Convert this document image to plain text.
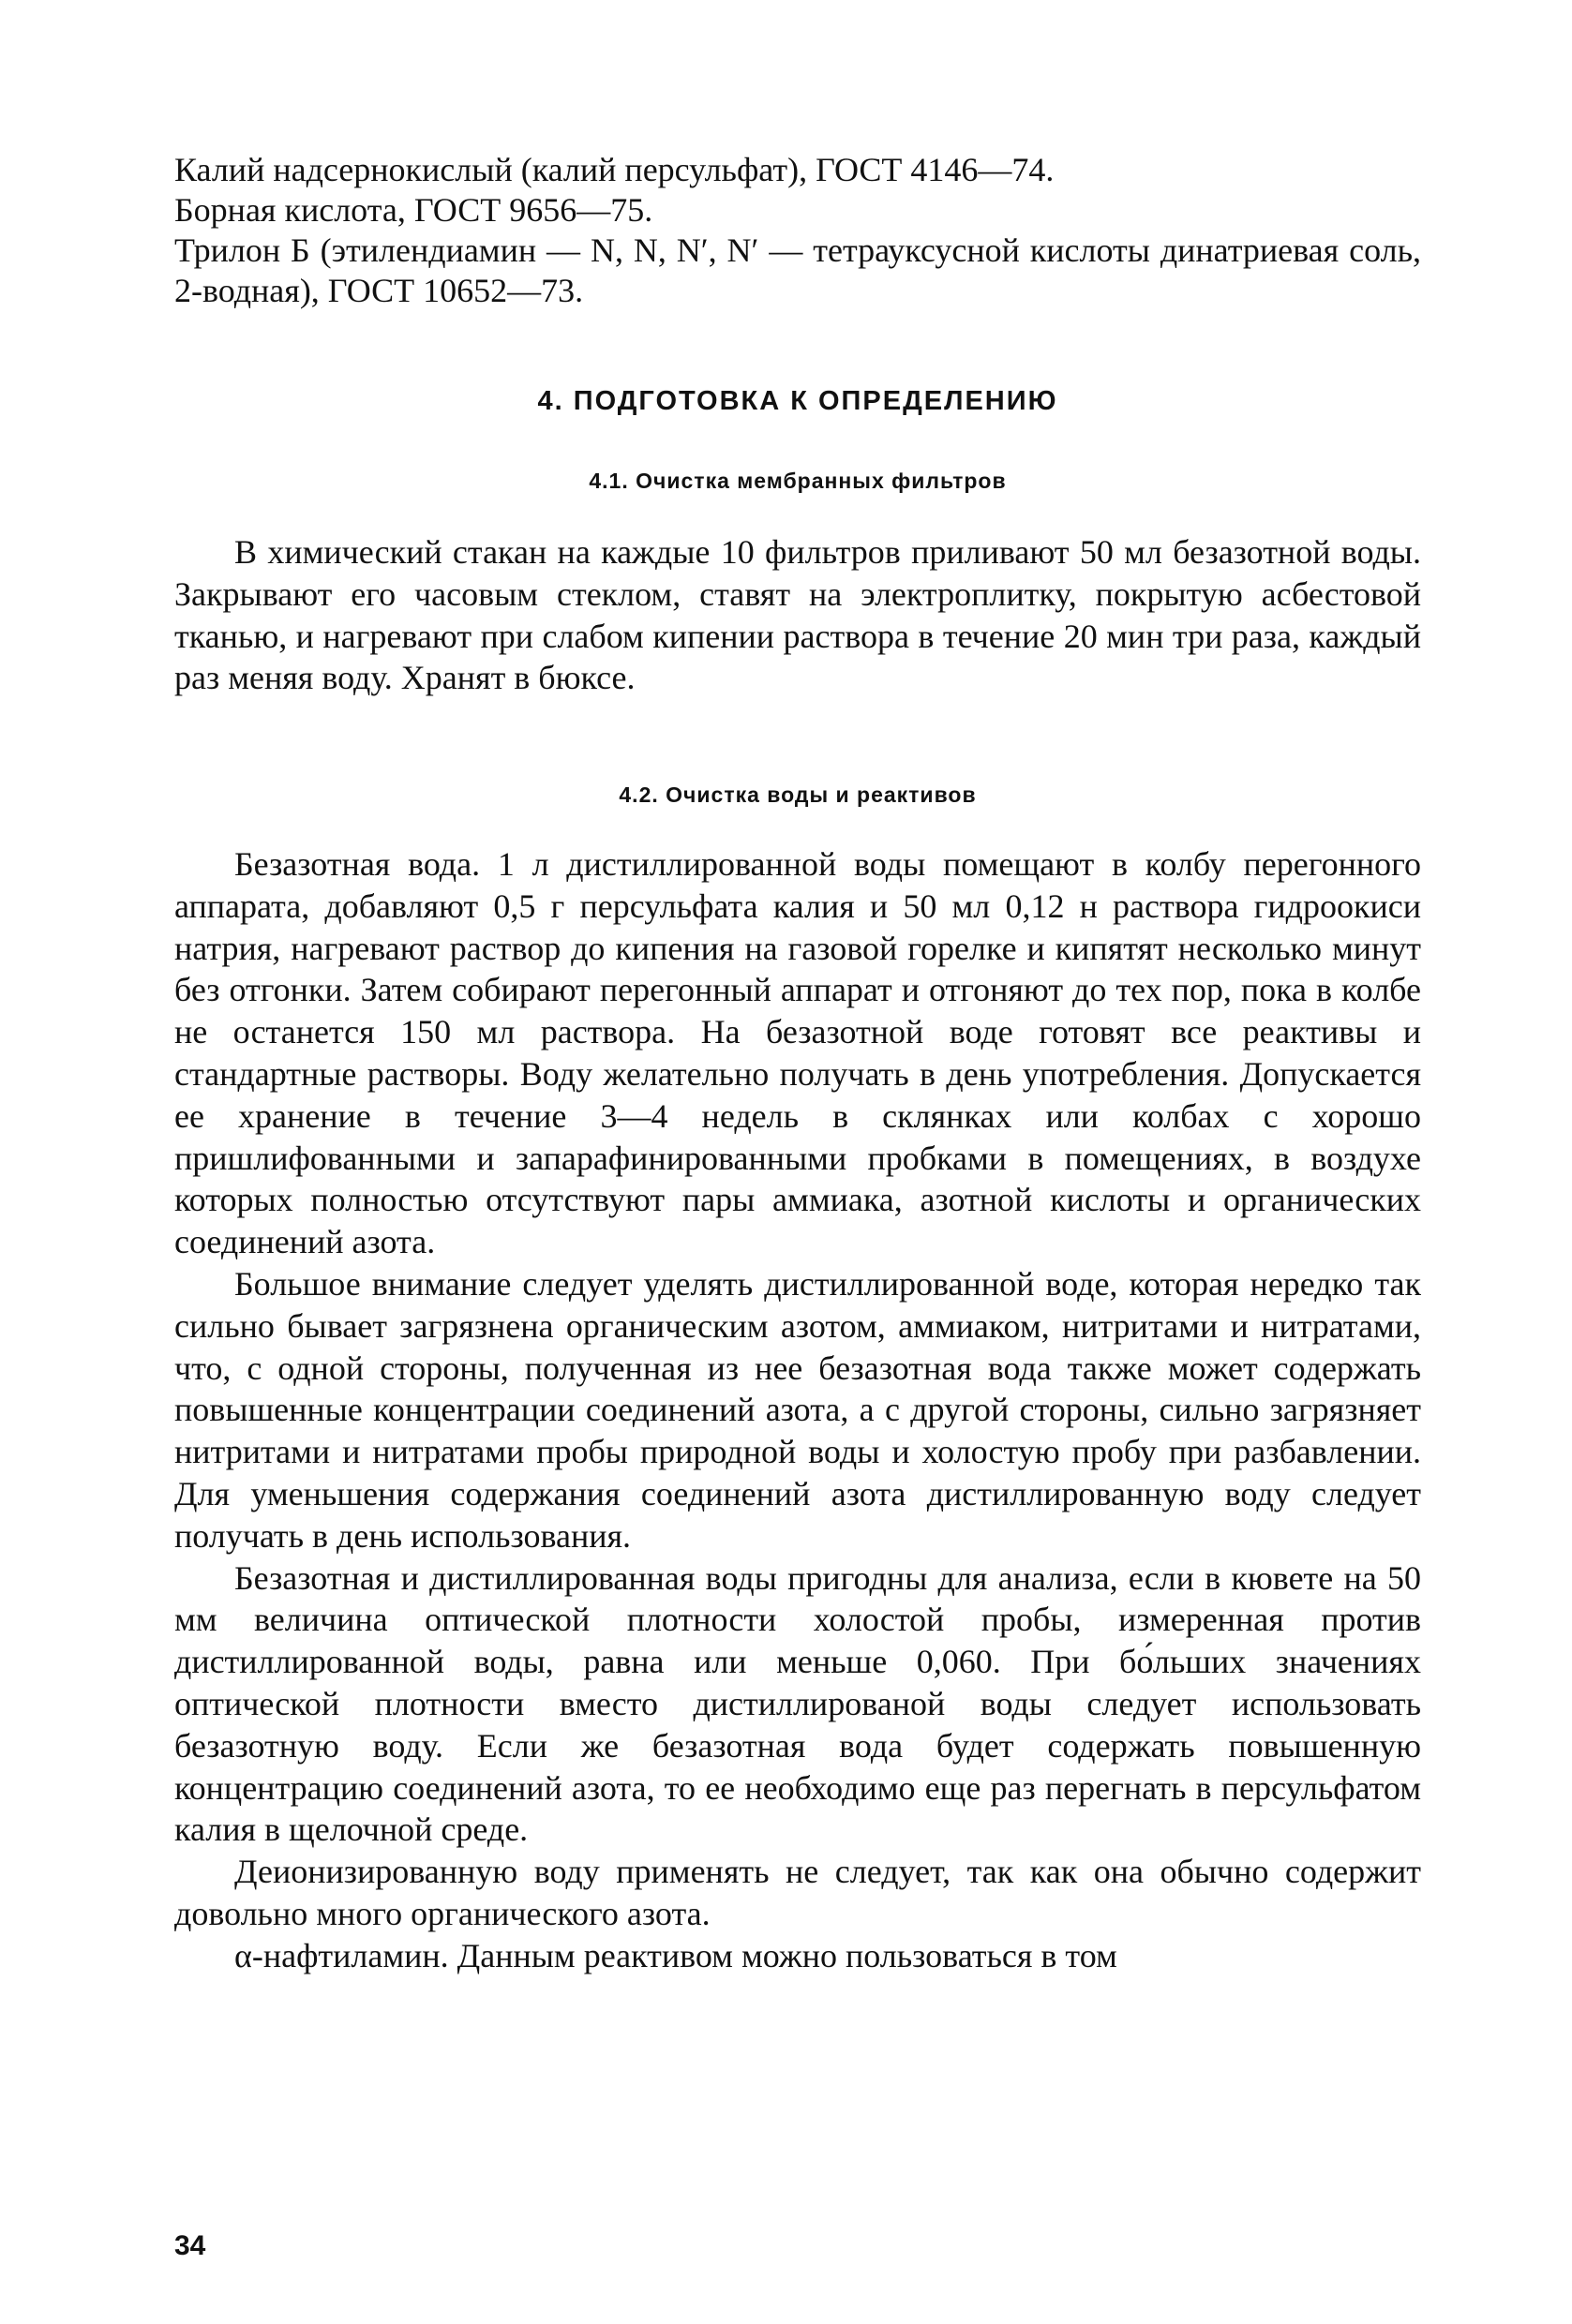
Калий надсернокислый (калий персульфат), ГОСТ 4146—74.

Борная кислота, ГОСТ 9656—75.

Трилон Б (этилендиамин — N, N, N′, N′ — тетрауксусной кислоты динатриевая соль, 2-водная), ГОСТ 10652—73.

4. ПОДГОТОВКА К ОПРЕДЕЛЕНИЮ
4.1. Очистка мембранных фильтров

В химический стакан на каждые 10 фильтров приливают 50 мл безазотной воды. Закрывают его часовым стеклом, ставят на электроплитку, покрытую асбестовой тканью, и нагревают при слабом кипении раствора в течение 20 мин три раза, каждый раз меняя воду. Хранят в бюксе.

4.2. Очистка воды и реактивов

Безазотная вода. 1 л дистиллированной воды помещают в колбу перегонного аппарата, добавляют 0,5 г персульфата калия и 50 мл 0,12 н раствора гидроокиси натрия, нагревают раствор до кипения на газовой горелке и кипятят несколько минут без отгонки. Затем собирают перегонный аппарат и отгоняют до тех пор, пока в колбе не останется 150 мл раствора. На безазотной воде готовят все реактивы и стандартные растворы. Воду желательно получать в день употребления. Допускается ее хранение в течение 3—4 недель в склянках или колбах с хорошо пришлифованными и запарафинированными пробками в помещениях, в воздухе которых полностью отсутствуют пары аммиака, азотной кислоты и органических соединений азота.

Большое внимание следует уделять дистиллированной воде, которая нередко так сильно бывает загрязнена органическим азотом, аммиаком, нитритами и нитратами, что, с одной стороны, полученная из нее безазотная вода также может содержать повышенные концентрации соединений азота, а с другой стороны, сильно загрязняет нитритами и нитратами пробы природной воды и холостую пробу при разбавлении. Для уменьшения содержания соединений азота дистиллированную воду следует получать в день использования.

Безазотная и дистиллированная воды пригодны для анализа, если в кювете на 50 мм величина оптической плотности холостой пробы, измеренная против дистиллированной воды, равна или меньше 0,060. При бо́льших значениях оптической плотности вместо дистиллированой воды следует использовать безазотную воду. Если же безазотная вода будет содержать повышенную концентрацию соединений азота, то ее необходимо еще раз перегнать в персульфатом калия в щелочной среде.

Деионизированную воду применять не следует, так как она обычно содержит довольно много органического азота.

α-нафтиламин. Данным реактивом можно пользоваться в том

34
